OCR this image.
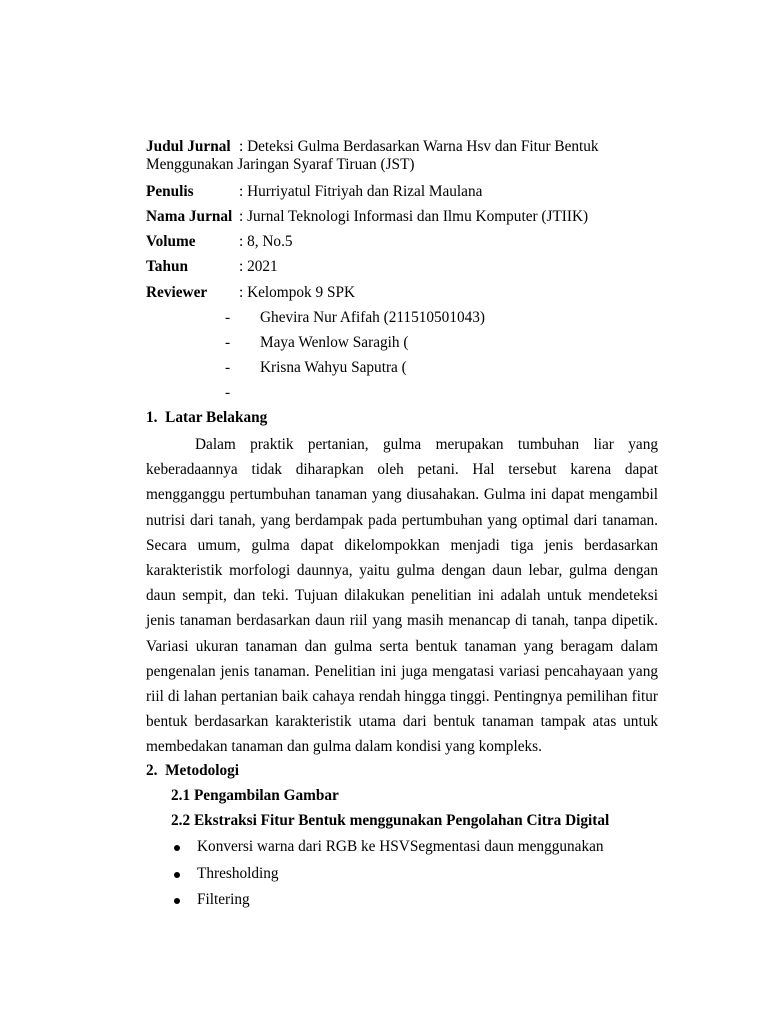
Judul Jurnal : Deteksi Gulma Berdasarkan Warna Hsv dan Fitur Bentuk
Menggunakan Jaringan Syaraf Tiruan (JST)
Penulis	: Hurriyatul Fitriyah dan Rizal Maulana
Nama Jurnal : Jurnal Teknologi Informasi dan Ilmu Komputer (JTIIK)
Volume	: 8, No.5
Tahun	: 2021
Reviewer : Kelompok 9 SPK
- Ghevira Nur Afifah (211510501043)
- Maya Wenlow Saragih (
- Krisna Wahyu Saputra (
-
1.  Latar Belakang

Dalam praktik pertanian, gulma merupakan tumbuhan liar yang keberadaannya tidak diharapkan oleh petani. Hal tersebut karena dapat mengganggu pertumbuhan tanaman yang diusahakan. Gulma ini dapat mengambil nutrisi dari tanah, yang berdampak pada pertumbuhan yang optimal dari tanaman. Secara umum, gulma dapat dikelompokkan menjadi tiga jenis berdasarkan karakteristik morfologi daunnya, yaitu gulma dengan daun lebar, gulma dengan daun sempit, dan teki. Tujuan dilakukan penelitian ini adalah untuk mendeteksi jenis tanaman berdasarkan daun riil yang masih menancap di tanah, tanpa dipetik. Variasi ukuran tanaman dan gulma serta bentuk tanaman yang beragam dalam pengenalan jenis tanaman. Penelitian ini juga mengatasi variasi pencahayaan yang riil di lahan pertanian baik cahaya rendah hingga tinggi. Pentingnya pemilihan fitur bentuk berdasarkan karakteristik utama dari bentuk tanaman tampak atas untuk membedakan tanaman dan gulma dalam kondisi yang kompleks.

2.  Metodologi
2.1 Pengambilan Gambar
2.2 Ekstraksi Fitur Bentuk menggunakan Pengolahan Citra Digital
Konversi warna dari RGB ke HSVSegmentasi daun menggunakan
Thresholding
Filtering
